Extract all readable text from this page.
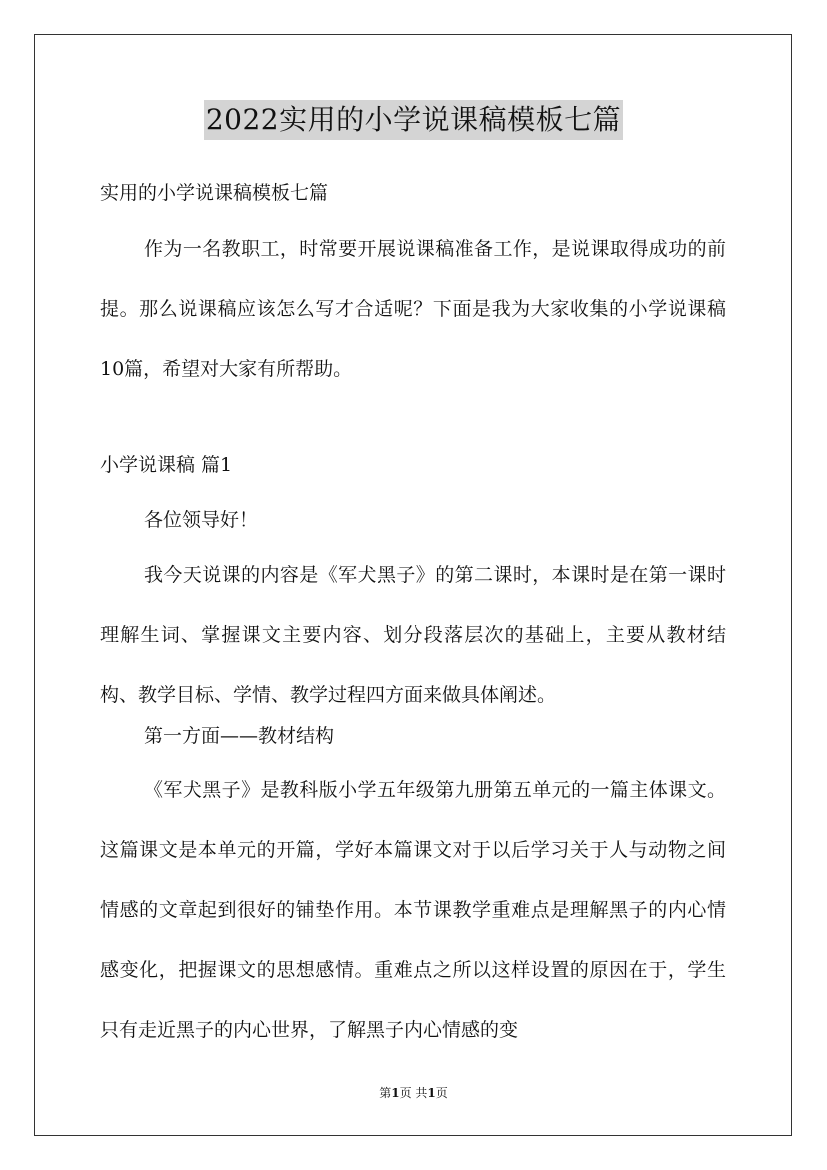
2022实用的小学说课稿模板七篇

实用的小学说课稿模板七篇

作为一名教职工，时常要开展说课稿准备工作，是说课取得成功的前提。那么说课稿应该怎么写才合适呢？下面是我为大家收集的小学说课稿10篇，希望对大家有所帮助。

小学说课稿 篇1

各位领导好！

我今天说课的内容是《军犬黑子》的第二课时，本课时是在第一课时理解生词、掌握课文主要内容、划分段落层次的基础上，主要从教材结构、教学目标、学情、教学过程四方面来做具体阐述。

第一方面——教材结构

《军犬黑子》是教科版小学五年级第九册第五单元的一篇主体课文。这篇课文是本单元的开篇，学好本篇课文对于以后学习关于人与动物之间情感的文章起到很好的铺垫作用。本节课教学重难点是理解黑子的内心情感变化，把握课文的思想感情。重难点之所以这样设置的原因在于，学生只有走近黑子的内心世界，了解黑子内心情感的变

第1页 共1页
